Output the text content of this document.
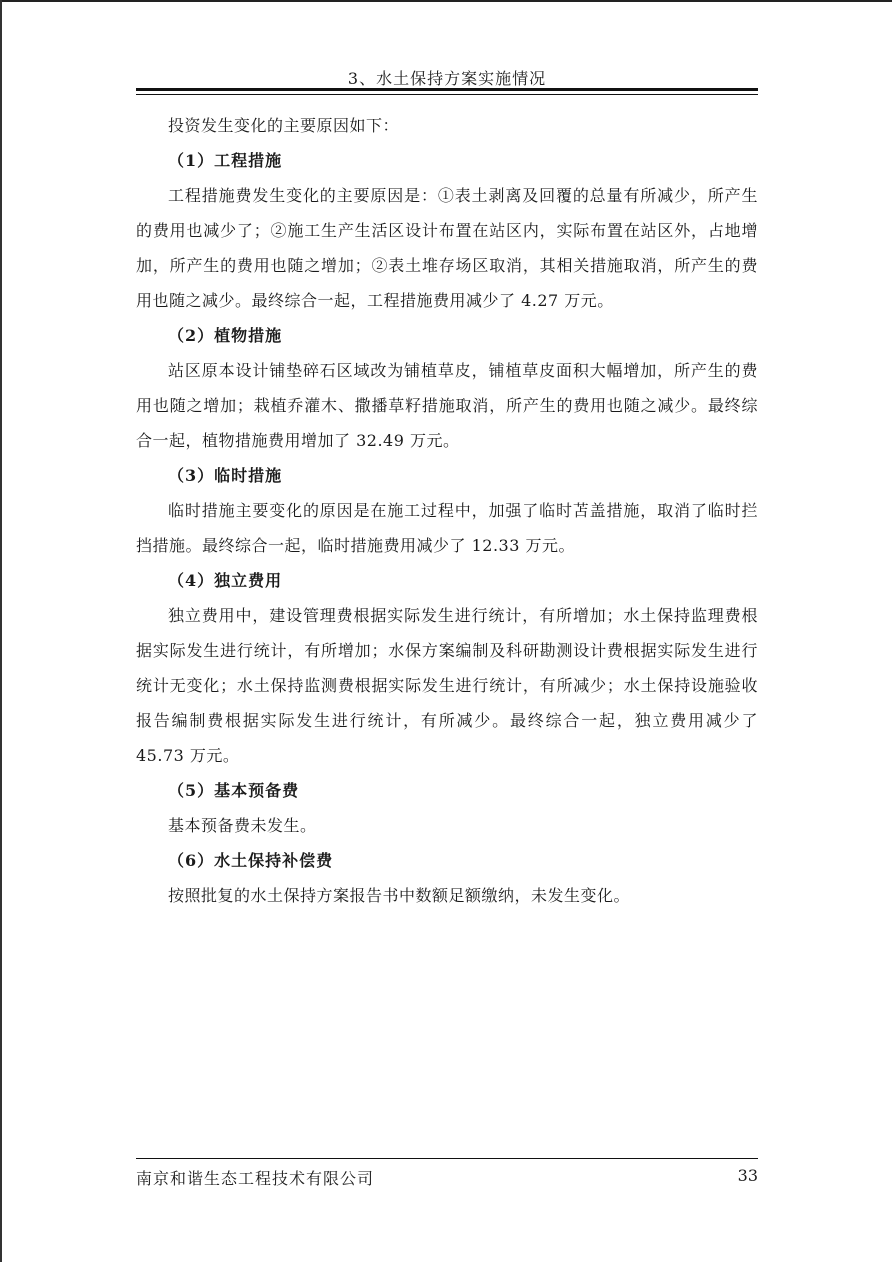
3、水土保持方案实施情况

投资发生变化的主要原因如下：

（1）工程措施

工程措施费发生变化的主要原因是：①表土剥离及回覆的总量有所减少，所产生的费用也减少了；②施工生产生活区设计布置在站区内，实际布置在站区外，占地增加，所产生的费用也随之增加；②表土堆存场区取消，其相关措施取消，所产生的费用也随之减少。最终综合一起，工程措施费用减少了 4.27 万元。

（2）植物措施

站区原本设计铺垫碎石区域改为铺植草皮，铺植草皮面积大幅增加，所产生的费用也随之增加；栽植乔灌木、撒播草籽措施取消，所产生的费用也随之减少。最终综合一起，植物措施费用增加了 32.49 万元。

（3）临时措施

临时措施主要变化的原因是在施工过程中，加强了临时苫盖措施，取消了临时拦挡措施。最终综合一起，临时措施费用减少了 12.33 万元。

（4）独立费用

独立费用中，建设管理费根据实际发生进行统计，有所增加；水土保持监理费根据实际发生进行统计，有所增加；水保方案编制及科研勘测设计费根据实际发生进行统计无变化；水土保持监测费根据实际发生进行统计，有所减少；水土保持设施验收报告编制费根据实际发生进行统计，有所减少。最终综合一起，独立费用减少了 45.73 万元。

（5）基本预备费

基本预备费未发生。

（6）水土保持补偿费

按照批复的水土保持方案报告书中数额足额缴纳，未发生变化。

南京和谐生态工程技术有限公司	33
